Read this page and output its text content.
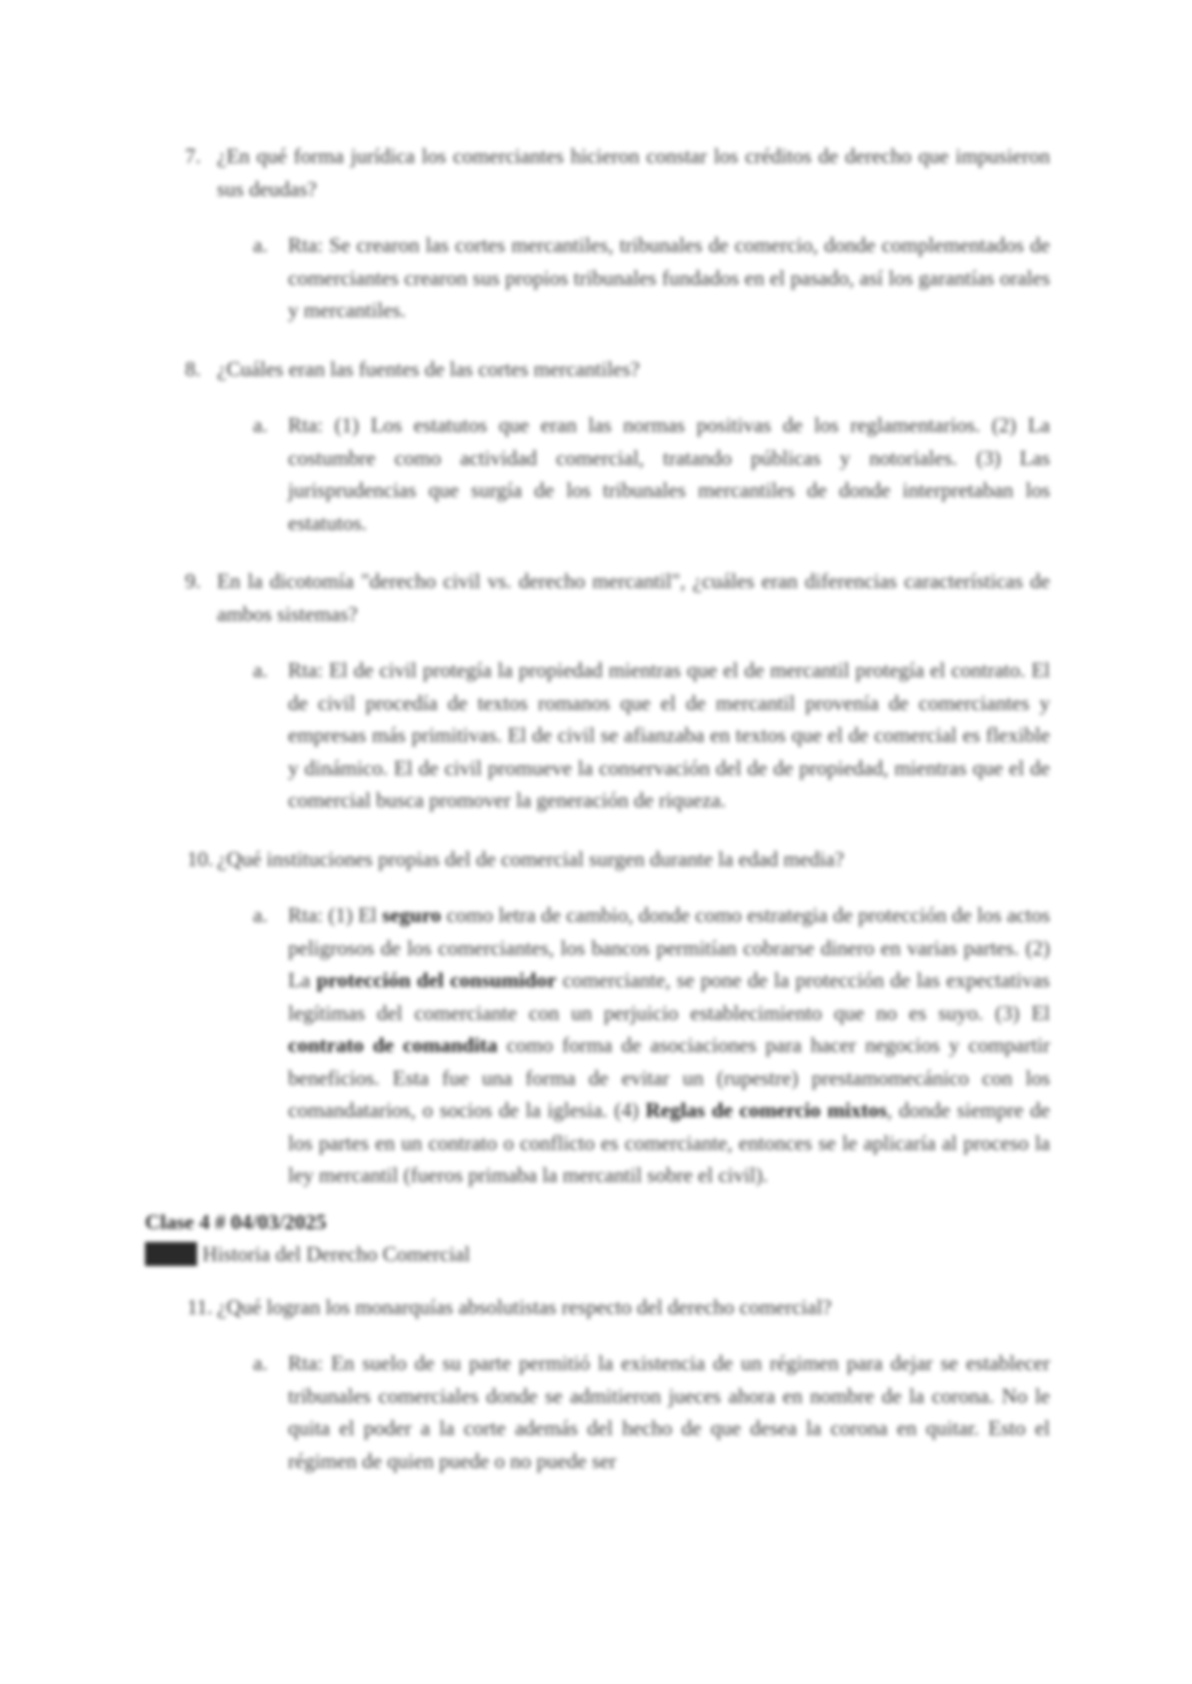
7. ¿En qué forma jurídica los comerciantes hicieron constar los créditos de derecho que impusieron sus deudas?
a. Rta: Se crearon las cortes mercantiles, tribunales de comercio, donde complementados de comerciantes crearon sus propios tribunales fundados en el pasado, así los garantías orales y mercantiles.
8. ¿Cuáles eran las fuentes de las cortes mercantiles?
a. Rta: (1) Los estatutos que eran las normas positivas de los reglamentarios. (2) La costumbre como actividad comercial, tratando públicas y notoriales. (3) Las jurisprudencias que surgía de los tribunales mercantiles de donde interpretaban los estatutos.
9. En la dicotomía "derecho civil vs. derecho mercantil", ¿cuáles eran diferencias características de ambos sistemas?
a. Rta: El de civil protegía la propiedad mientras que el de mercantil protegía el contrato. El de civil procedía de textos romanos que el de mercantil provenía de comerciantes y empresas más primitivas. El de civil se afianzaba en textos que el de comercial es flexible y dinámico. El de civil promueve la conservación del de de propiedad, mientras que el de comercial busca promover la generación de riqueza.
10. ¿Qué instituciones propias del de comercial surgen durante la edad media?
a. Rta: (1) El seguro como letra de cambio, donde como estrategia de protección de los actos peligrosos de los comerciantes, los bancos permitían cobrarse dinero en varias partes. (2) La protección del consumidor comerciante, se pone de la protección de las expectativas legítimas del comerciante con un perjuicio establecimiento que no es suyo. (3) El contrato de comandita como forma de asociaciones para hacer negocios y compartir beneficios. Esta fue una forma de evitar un (rupestre) prestamomecánico con los comandatarios, o socios de la iglesia. (4) Reglas de comercio mixtos, donde siempre de los partes en un contrato o conflicto es comerciante, entonces se le aplicaría al proceso la ley mercantil (fueros primaba la mercantil sobre el civil).
Clase 4 # 04/03/2025
Tema: Historia del Derecho Comercial
11. ¿Qué logran los monarquías absolutistas respecto del derecho comercial?
a. Rta: En suelo de su parte permitió la existencia de un régimen para dejar se establecer tribunales comerciales donde se admitieron jueces ahora en nombre de la corona. No le quita el poder a la corte además del hecho de que desea la corona en quitar. Esto el régimen de quien puede o no puede ser
